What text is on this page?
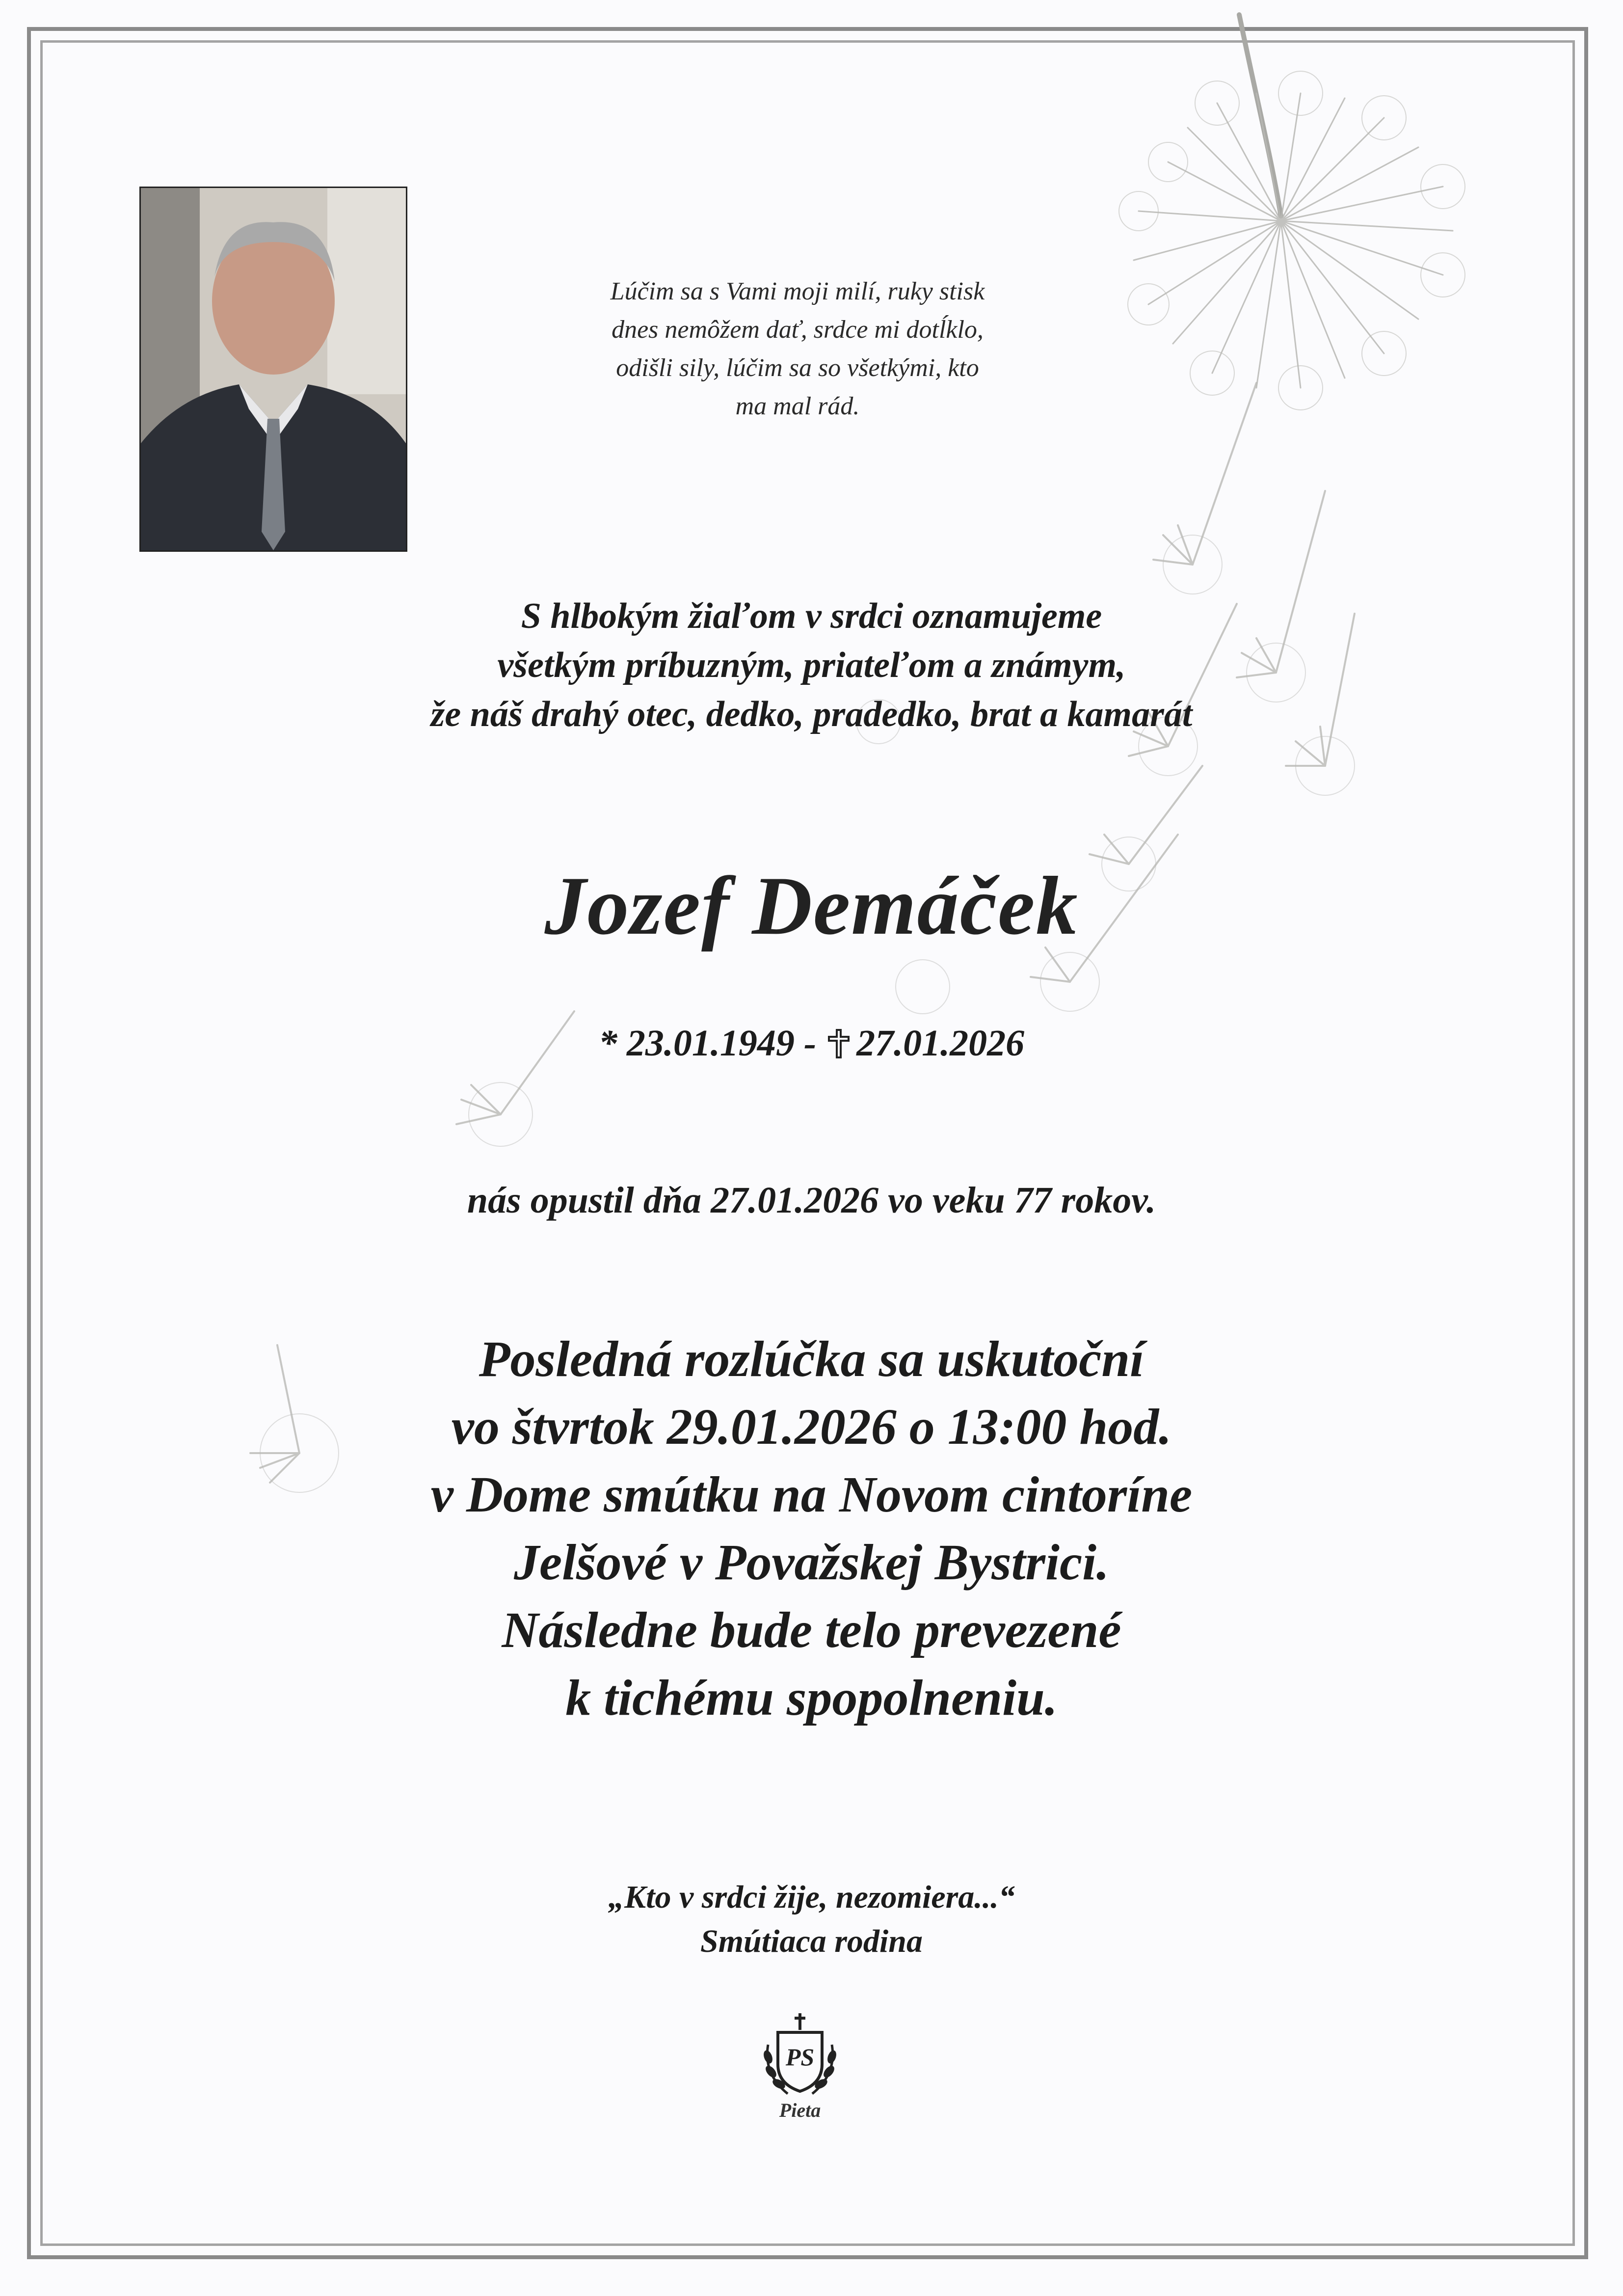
Lúčim sa s Vami moji milí, ruky stisk
dnes nemôžem dať, srdce mi dotĺklo,
odišli sily, lúčim sa so všetkými, kto
ma mal rád.
S hlbokým žiaľom v srdci oznamujeme
všetkým príbuzným, priateľom a známym,
že náš drahý otec, dedko, pradedko, brat a kamarát
Jozef Demáček
* 23.01.1949 - 27.01.2026
nás opustil dňa 27.01.2026 vo veku 77 rokov.
Posledná rozlúčka sa uskutoční
vo štvrtok 29.01.2026 o 13:00 hod.
v Dome smútku na Novom cintoríne
Jelšové v Považskej Bystrici.
Následne bude telo prevezené
k tichému spopolneniu.
„Kto v srdci žije, nezomiera...“
Smútiaca rodina
PS
Pieta
